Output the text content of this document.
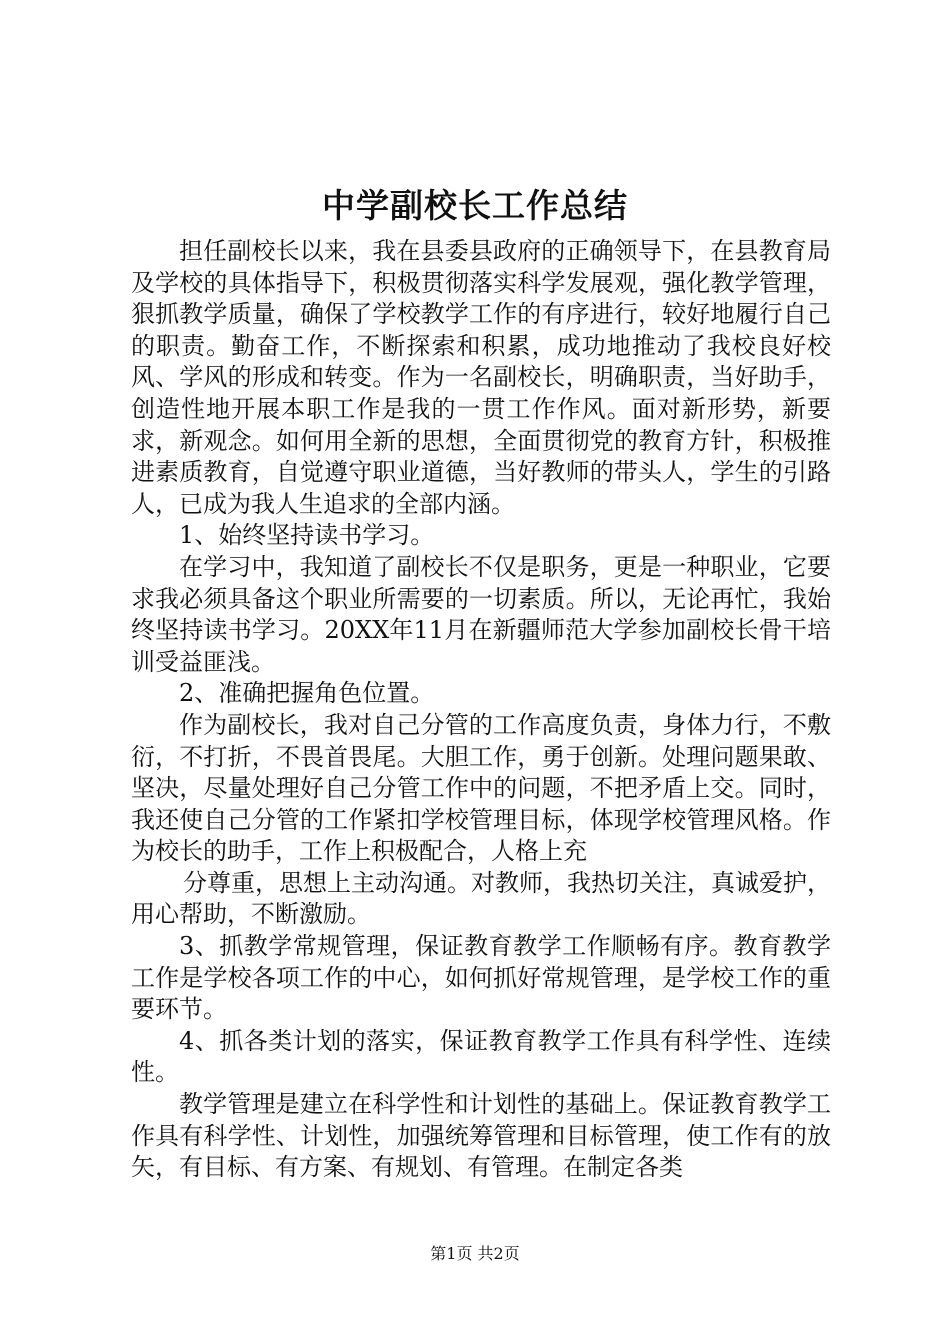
中学副校长工作总结

担任副校长以来，我在县委县政府的正确领导下，在县教育局及学校的具体指导下，积极贯彻落实科学发展观，强化教学管理，狠抓教学质量，确保了学校教学工作的有序进行，较好地履行自己的职责。勤奋工作，不断探索和积累，成功地推动了我校良好校风、学风的形成和转变。作为一名副校长，明确职责，当好助手，创造性地开展本职工作是我的一贯工作作风。面对新形势，新要求，新观念。如何用全新的思想，全面贯彻党的教育方针，积极推进素质教育，自觉遵守职业道德，当好教师的带头人，学生的引路人，已成为我人生追求的全部内涵。

1、始终坚持读书学习。

在学习中，我知道了副校长不仅是职务，更是一种职业，它要求我必须具备这个职业所需要的一切素质。所以，无论再忙，我始终坚持读书学习。20XX年11月在新疆师范大学参加副校长骨干培训受益匪浅。

2、准确把握角色位置。

作为副校长，我对自己分管的工作高度负责，身体力行，不敷衍，不打折，不畏首畏尾。大胆工作，勇于创新。处理问题果敢、坚决，尽量处理好自己分管工作中的问题，不把矛盾上交。同时，我还使自己分管的工作紧扣学校管理目标，体现学校管理风格。作为校长的助手，工作上积极配合，人格上充

分尊重，思想上主动沟通。对教师，我热切关注，真诚爱护，用心帮助，不断激励。

3、抓教学常规管理，保证教育教学工作顺畅有序。教育教学工作是学校各项工作的中心，如何抓好常规管理，是学校工作的重要环节。

4、抓各类计划的落实，保证教育教学工作具有科学性、连续性。

教学管理是建立在科学性和计划性的基础上。保证教育教学工作具有科学性、计划性，加强统筹管理和目标管理，使工作有的放矢，有目标、有方案、有规划、有管理。在制定各类

第1页 共2页
